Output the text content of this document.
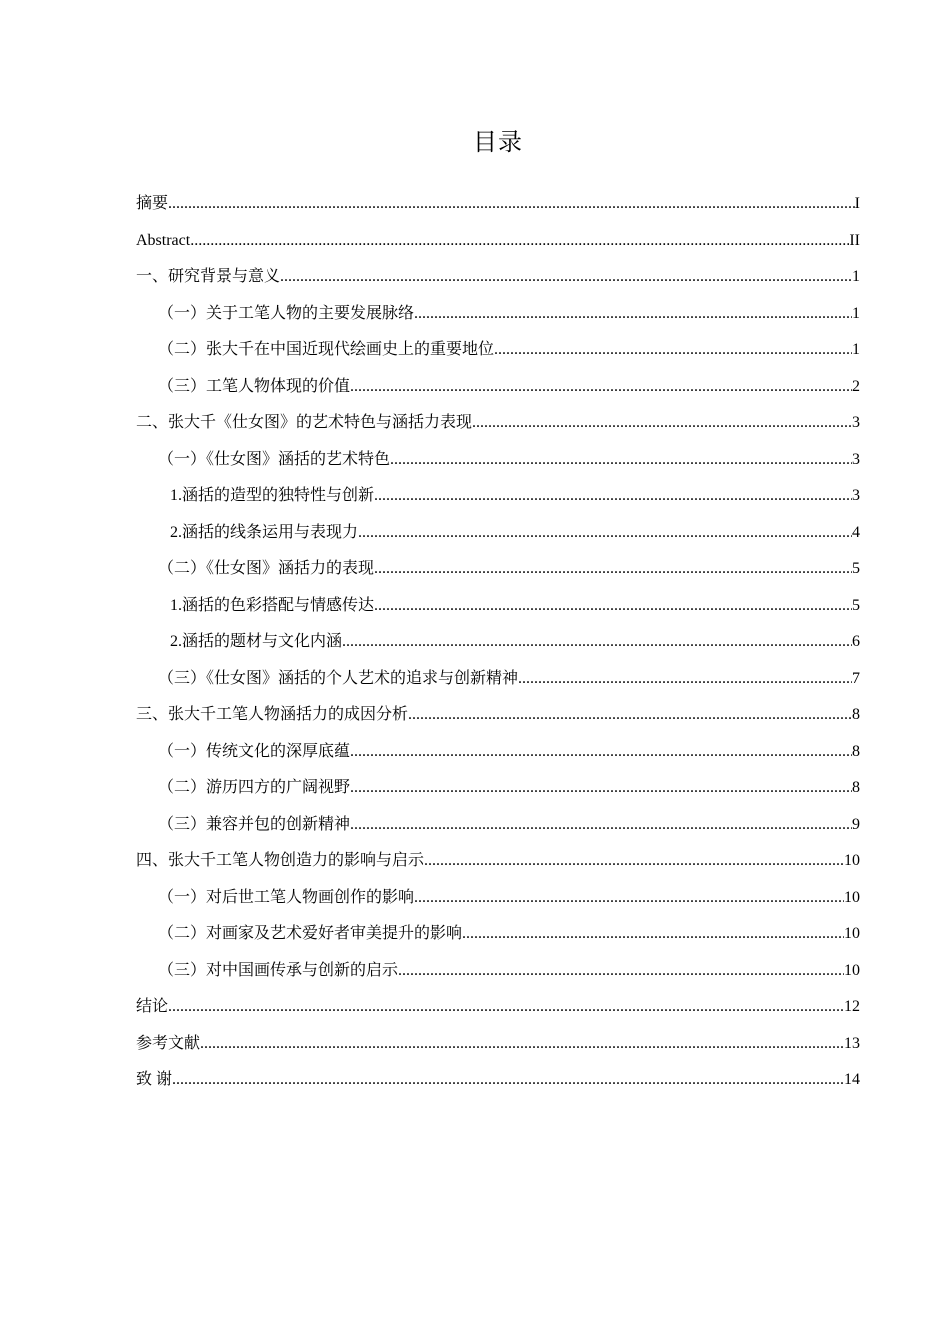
目录
摘要 .....	I
Abstract .....	II
一、研究背景与意义 .....	1
（一）关于工笔人物的主要发展脉络 .....	1
（二）张大千在中国近现代绘画史上的重要地位 .....	1
（三）工笔人物体现的价值 .....	2
二、张大千《仕女图》的艺术特色与涵括力表现 .....	3
（一）《仕女图》涵括的艺术特色 .....	3
1.涵括的造型的独特性与创新 .....	3
2.涵括的线条运用与表现力 .....	4
（二）《仕女图》涵括力的表现 .....	5
1.涵括的色彩搭配与情感传达 .....	5
2.涵括的题材与文化内涵 .....	6
（三）《仕女图》涵括的个人艺术的追求与创新精神 .....	7
三、张大千工笔人物涵括力的成因分析 .....	8
（一）传统文化的深厚底蕴 .....	8
（二）游历四方的广阔视野 .....	8
（三）兼容并包的创新精神 .....	9
四、张大千工笔人物创造力的影响与启示 .....	10
（一）对后世工笔人物画创作的影响 .....	10
（二）对画家及艺术爱好者审美提升的影响 .....	10
（三）对中国画传承与创新的启示 .....	10
结论 .....	12
参考文献 .....	13
致 谢 .....	14
